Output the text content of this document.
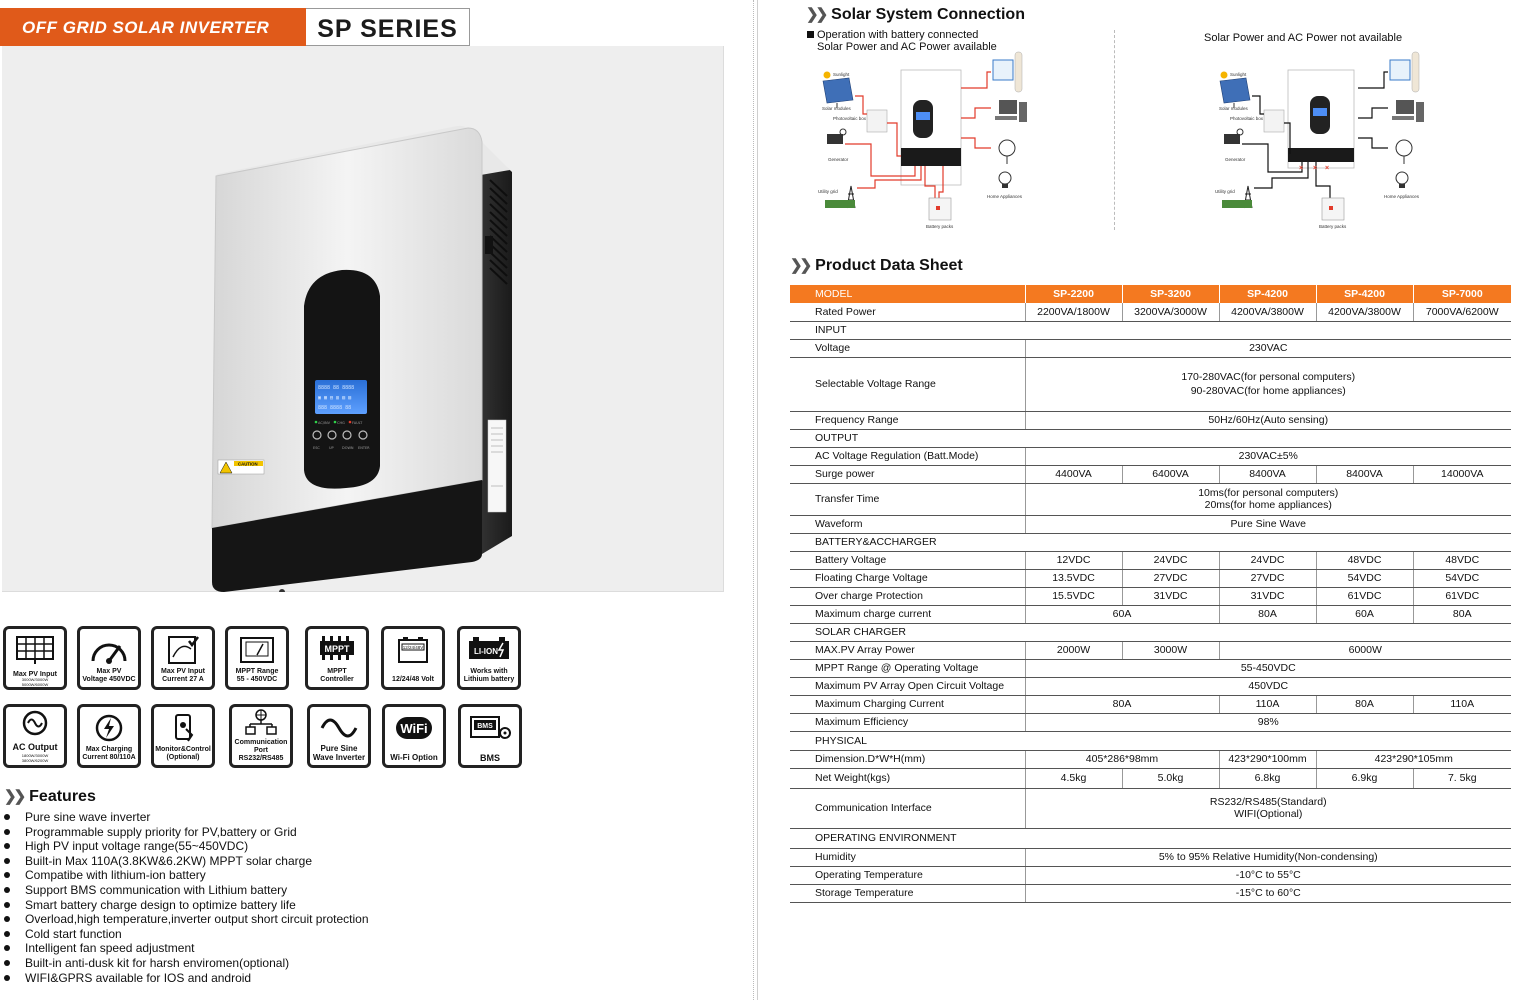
OFF GRID SOLAR INVERTER	SP SERIES
8888 88 8888
▣ ▦ ▤ ▥ ▧ ▨
888 8888 88
AC/INV CHG FAULT
ESC	UP DOWN ENTER
CAUTION
Max PV Input
3000W/3000W
5000W/6000W
Max PV
Voltage 450VDC
Max PV Input
Current 27 A
MPPT Range
55 - 450VDC
MPPT
MPPT
Controller
12/24/48V
12/24/48 Volt
LI-ION
Works with
Lithium battery
AC Output
1800W/3000W
3800W/6200W
Max Charging
Current 80/110A
Monitor&Control
(Optional)
Communication
Port
RS232/RS485
Pure Sine
Wave Inverter
WiFi
Wi-Fi Option
BMS
BMS
❯❯ Features
Pure sine wave inverter
Programmable supply priority for PV,battery or Grid
High PV input voltage range(55~450VDC)
Built-in Max 110A(3.8KW&6.2KW) MPPT solar charge
Compatibe with lithium-ion battery
Support BMS communication with Lithium battery
Smart battery charge design to optimize battery life
Overload,high temperature,inverter output short circuit protection
Cold start function
Intelligent fan speed adjustment
Built-in anti-dusk kit for harsh enviromen(optional)
WIFI&GPRS available for IOS and android
❯❯ Solar System Connection
Operation with battery connected
Solar Power and AC Power available
Solar Power and AC Power not available
Sunlight
Solar modules
Photovoltaic box
Generator
Utility grid
Battery packs
Home Appliances
Sunlight
Solar modules
Photovoltaic box
Generator
Utility grid
× × ×
Battery packs
Home Appliances
❯❯ Product Data Sheet
MODEL	SP-2200	SP-3200	SP-4200	SP-4200	SP-7000
Rated Power	2200VA/1800W	3200VA/3000W	4200VA/3800W	4200VA/3800W	7000VA/6200W
INPUT					
Voltage	230VAC				
Selectable Voltage Range	170-280VAC(for personal computers)
90-280VAC(for home appliances)				

Frequency Range	50Hz/60Hz(Auto sensing)				
OUTPUT					
AC Voltage Regulation (Batt.Mode)	230VAC±5%				
Surge power	4400VA	6400VA	8400VA	8400VA	14000VA
Transfer Time	10ms(for personal computers)
20ms(for home appliances)				

Waveform	Pure Sine Wave				
BATTERY&ACCHARGER					
Battery Voltage	12VDC	24VDC	24VDC	48VDC	48VDC
Floating Charge Voltage	13.5VDC	27VDC	27VDC	54VDC	54VDC
Over charge Protection	15.5VDC	31VDC	31VDC	61VDC	61VDC
Maximum charge current	60A		80A	60A	80A
SOLAR CHARGER					
MAX.PV Array Power	2000W	3000W	6000W		
MPPT Range @ Operating Voltage	55-450VDC				
Maximum PV Array Open Circuit Voltage	450VDC				
Maximum Charging Current	80A		110A	80A	110A
Maximum Efficiency	98%				
PHYSICAL					
Dimension.D*W*H(mm)	405*286*98mm		423*290*100mm	423*290*105mm	
Net Weight(kgs)	4.5kg	5.0kg	6.8kg	6.9kg	7. 5kg
Communication Interface	RS232/RS485(Standard)
WIFI(Optional)				

OPERATING ENVIRONMENT					
Humidity	5% to 95% Relative Humidity(Non-condensing)				
Operating Temperature	-10°C to 55°C				
Storage Temperature	-15°C to 60°C				
